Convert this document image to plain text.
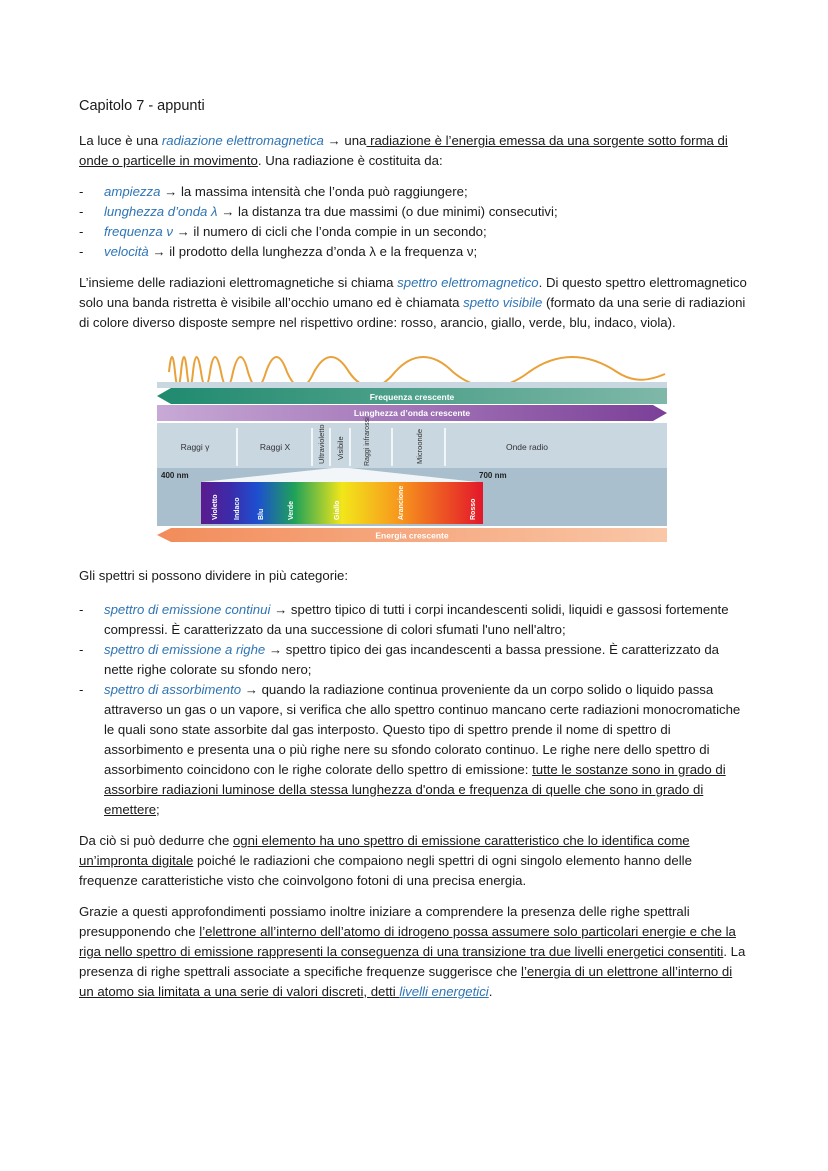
Capitolo 7 - appunti

La luce è una radiazione elettromagnetica → una radiazione è l’energia emessa da una sorgente sotto forma di onde o particelle in movimento. Una radiazione è costituita da:

- ampiezza → la massima intensità che l’onda può raggiungere;
- lunghezza d’onda λ → la distanza tra due massimi (o due minimi) consecutivi;
- frequenza ν → il numero di cicli che l’onda compie in un secondo;
- velocità → il prodotto della lunghezza d’onda λ e la frequenza ν;

L’insieme delle radiazioni elettromagnetiche si chiama spettro elettromagnetico. Di questo spettro elettromagnetico solo una banda ristretta è visibile all’occhio umano ed è chiamata spetto visibile (formato da una serie di radiazioni di colore diverso disposte sempre nel rispettivo ordine: rosso, arancio, giallo, verde, blu, indaco, viola).

Frequenza crescente
Lunghezza d’onda crescente
Raggi γ	Raggi X	Ultravioletto Visibile	Raggi infrarossi	Microonde	Onde radio
400 nm	700 nm
Violetto Indaco Blu	Verde	Giallo	Arancione	Rosso
Energia crescente

Gli spettri si possono dividere in più categorie:

- spettro di emissione continui → spettro tipico di tutti i corpi incandescenti solidi, liquidi e gassosi fortemente compressi. È caratterizzato da una successione di colori sfumati l'uno nell'altro;
- spettro di emissione a righe → spettro tipico dei gas incandescenti a bassa pressione. È caratterizzato da nette righe colorate su sfondo nero;
- spettro di assorbimento → quando la radiazione continua proveniente da un corpo solido o liquido passa attraverso un gas o un vapore, si verifica che allo spettro continuo mancano certe radiazioni monocromatiche le quali sono state assorbite dal gas interposto. Questo tipo di spettro prende il nome di spettro di assorbimento e presenta una o più righe nere su sfondo colorato continuo. Le righe nere dello spettro di assorbimento coincidono con le righe colorate dello spettro di emissione: tutte le sostanze sono in grado di assorbire radiazioni luminose della stessa lunghezza d'onda e frequenza di quelle che sono in grado di emettere;

Da ciò si può dedurre che ogni elemento ha uno spettro di emissione caratteristico che lo identifica come un’impronta digitale poiché le radiazioni che compaiono negli spettri di ogni singolo elemento hanno delle frequenze caratteristiche visto che coinvolgono fotoni di una precisa energia.

Grazie a questi approfondimenti possiamo inoltre iniziare a comprendere la presenza delle righe spettrali presupponendo che l’elettrone all’interno dell’atomo di idrogeno possa assumere solo particolari energie e che la riga nello spettro di emissione rappresenti la conseguenza di una transizione tra due livelli energetici consentiti. La presenza di righe spettrali associate a specifiche frequenze suggerisce che l’energia di un elettrone all’interno di un atomo sia limitata a una serie di valori discreti, detti livelli energetici.
